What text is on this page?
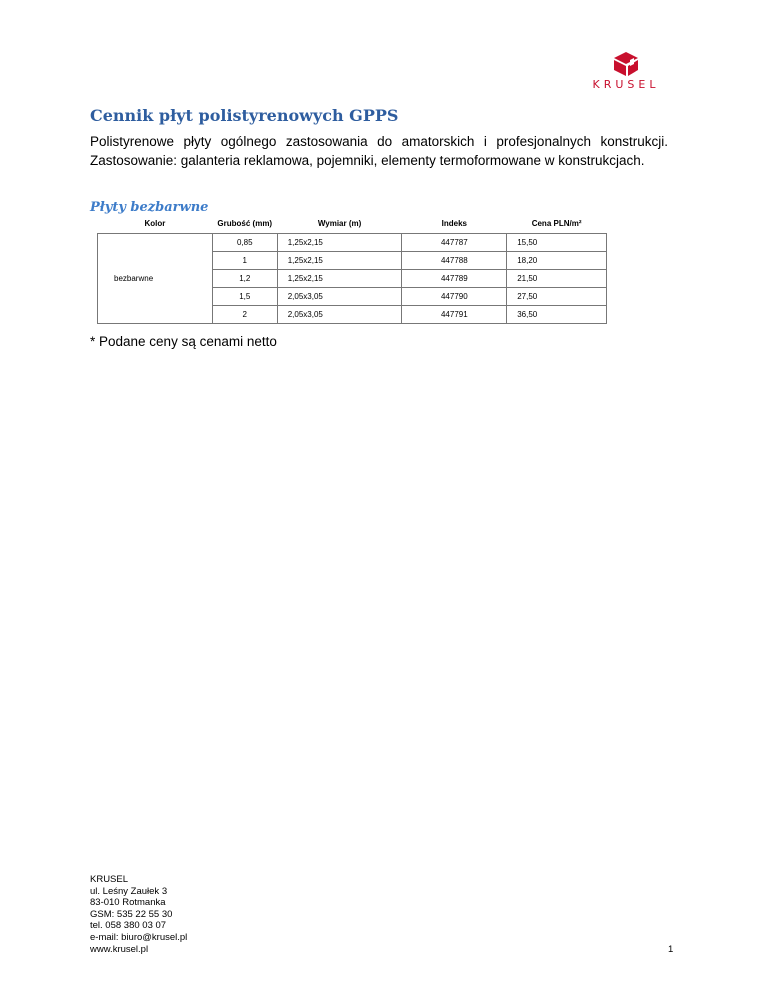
KRUSEL
Cennik płyt polistyrenowych GPPS

Polistyrenowe płyty ogólnego zastosowania do amatorskich i profesjonalnych konstrukcji. Zastosowanie: galanteria reklamowa, pojemniki, elementy termoformowane w konstrukcjach.

Płyty bezbarwne
Kolor	Grubość (mm)	Wymiar (m)	Indeks	Cena PLN/m²
bezbarwne	0,85	1,25x2,15	447787	15,50
	1	1,25x2,15	447788	18,20
	1,2	1,25x2,15	447789	21,50
	1,5	2,05x3,05	447790	27,50
	2	2,05x3,05	447791	36,50

* Podane ceny są cenami netto

KRUSEL
ul. Leśny Zaułek 3
83-010 Rotmanka
GSM: 535 22 55 30
tel. 058 380 03 07
e-mail: biuro@krusel.pl
www.krusel.pl	1
